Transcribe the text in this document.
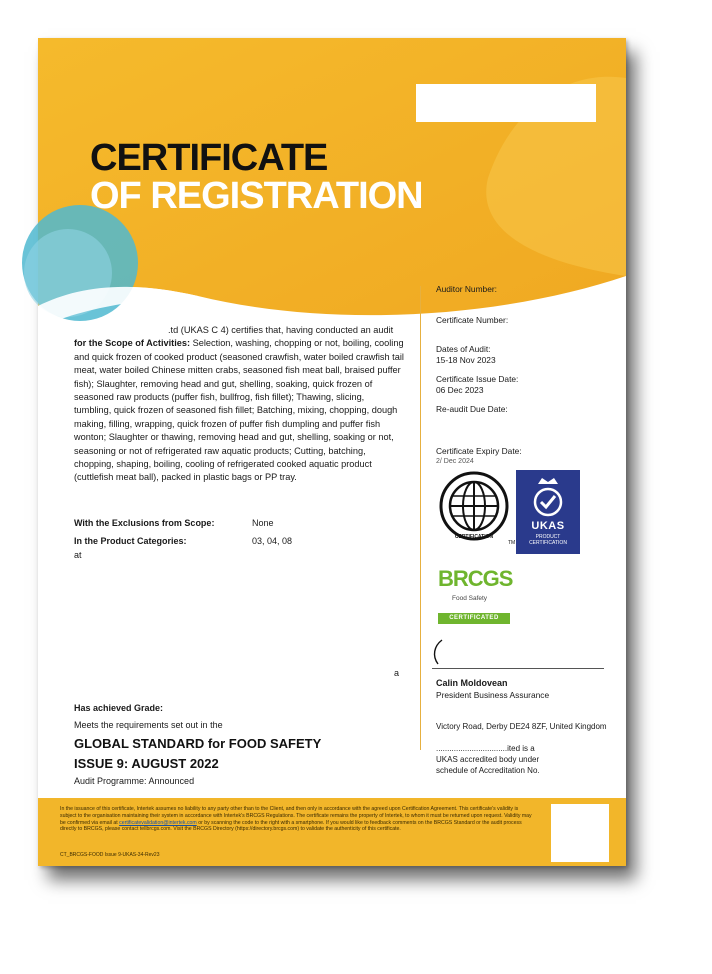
CERTIFICATE
OF REGISTRATION
.td (UKAS C 4) certifies that, having conducted an audit
for the Scope of Activities: Selection, washing, chopping or not, boiling, cooling and quick frozen of cooked product (seasoned crawfish, water boiled crawfish tail meat, water boiled Chinese mitten crabs, seasoned fish meat ball, braised puffer fish); Slaughter, removing head and gut, shelling, soaking, quick frozen of seasoned raw products (puffer fish, bullfrog, fish fillet); Thawing, slicing, tumbling, quick frozen of seasoned fish fillet; Batching, mixing, chopping, dough making, filling, wrapping, quick frozen of puffer fish dumpling and puffer fish wonton; Slaughter or thawing, removing head and gut, shelling, soaking or not, seasoning or not of refrigerated raw aquatic products; Cutting, batching, chopping, shaping, boiling, cooling of refrigerated cooked aquatic product (cuttlefish meat ball), packed in plastic bags or PP tray.
With the Exclusions from Scope:	None
In the Product Categories:	03, 04, 08
at
a
Has achieved Grade:
Meets the requirements set out in the
GLOBAL STANDARD for FOOD SAFETY
ISSUE 9: AUGUST 2022
Audit Programme: Announced
Auditor Number:
Certificate Number:
Dates of Audit:
15-18 Nov 2023
Certificate Issue Date:
06 Dec 2023
Re-audit Due Date:
Certificate Expiry Date:
2/ Dec 2024
CERTIFICATION
TM
UKAS
PRODUCT
CERTIFICATION
BRCGS
Food Safety
CERTIFICATED
Calin Moldovean
President Business Assurance
Victory Road, Derby DE24 8ZF, United Kingdom
................................ited is a
UKAS accredited body under
schedule of Accreditation No.
In the issuance of this certificate, Intertek assumes no liability to any party other than to the Client, and then only in accordance with the agreed upon Certification Agreement. This certificate's validity is subject to the organisation maintaining their system in accordance with Intertek's BRCGS Regulations. The certificate remains the property of Intertek, to whom it must be returned upon request. Validity may be confirmed via email at certificatevalidation@intertek.com or by scanning the code to the right with a smartphone. If you would like to feedback comments on the BRCGS Standard or the audit process directly to BRCGS, please contact tellbrcgs.com. Visit the BRCGS Directory (https://directory.brcgs.com) to validate the authenticity of this certificate.
CT_BRCGS-FOOD Issue 9-UKAS-34-Rev23
